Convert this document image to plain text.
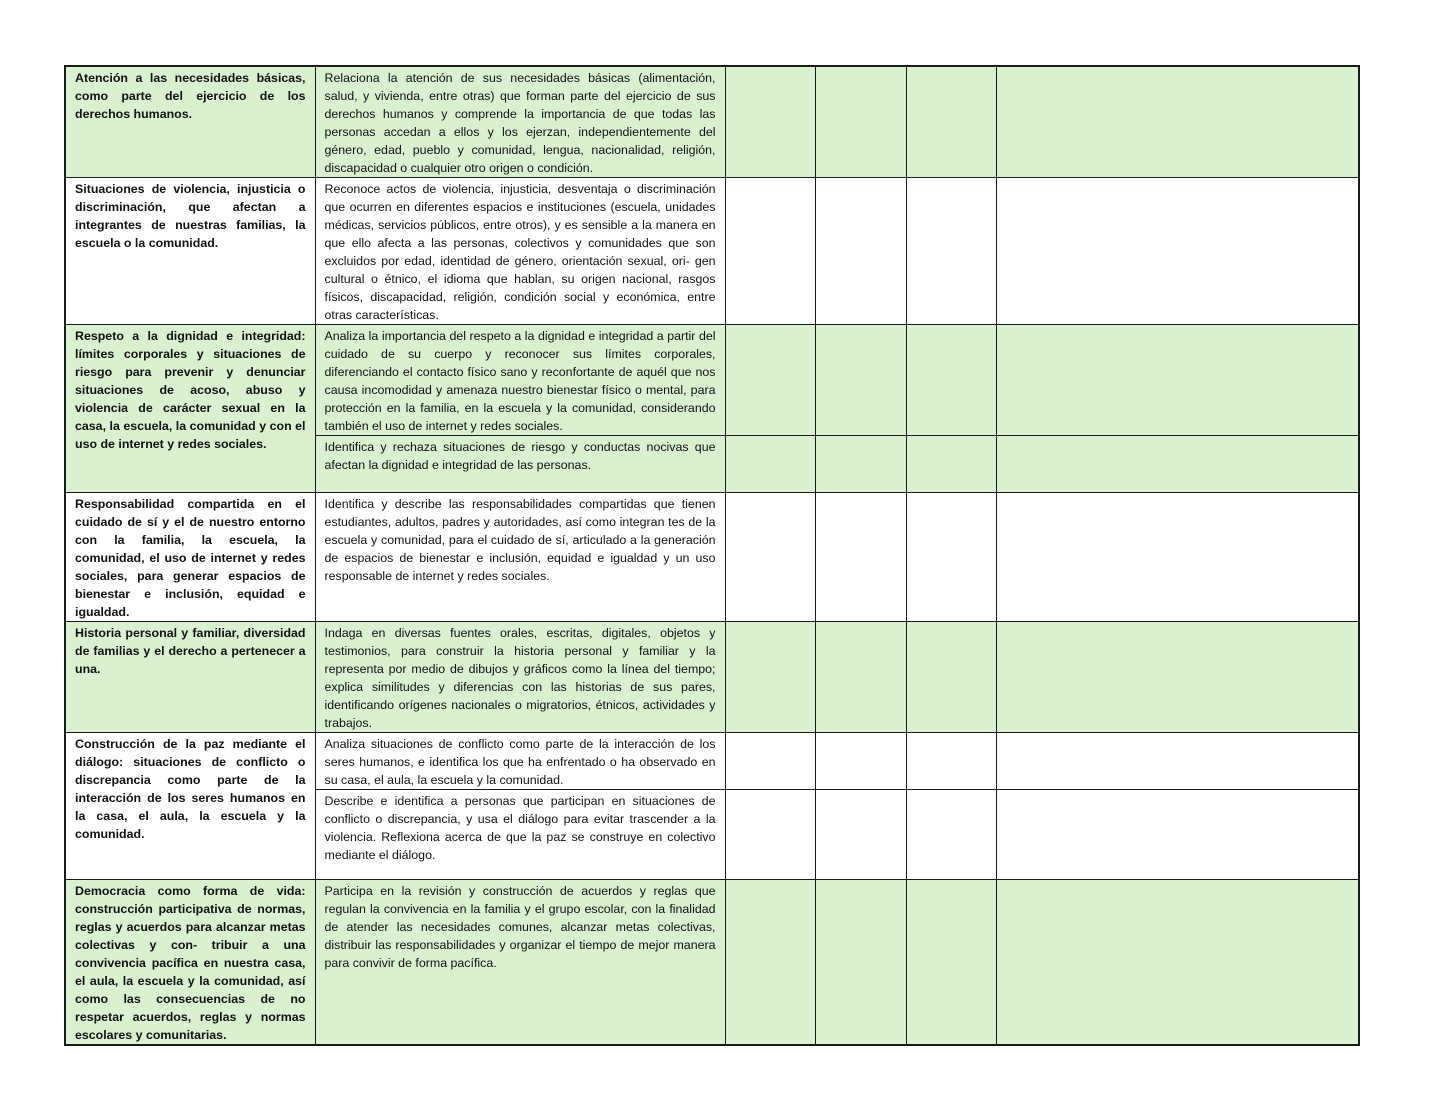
Atención a las necesidades básicas, como parte del ejercicio de los derechos humanos.	Relaciona la atención de sus necesidades básicas (alimentación, salud, y vivienda, entre otras) que forman parte del ejercicio de sus derechos humanos y comprende la importancia de que todas las personas accedan a ellos y los ejerzan, independientemente del género, edad, pueblo y comunidad, lengua, nacionalidad, religión, discapacidad o cualquier otro origen o condición.				
Situaciones de violencia, injusticia o discriminación, que afectan a integrantes de nuestras familias, la escuela o la comunidad.	Reconoce actos de violencia, injusticia, desventaja o discriminación que ocurren en diferentes espacios e instituciones (escuela, unidades médicas, servicios públicos, entre otros), y es sensible a la manera en que ello afecta a las personas, colectivos y comunidades que son excluidos por edad, identidad de género, orientación sexual, ori- gen cultural o étnico, el idioma que hablan, su origen nacional, rasgos físicos, discapacidad, religión, condición social y económica, entre otras características.				
Respeto a la dignidad e integridad: límites corporales y situaciones de riesgo para prevenir y denunciar situaciones de acoso, abuso y violencia de carácter sexual en la casa, la escuela, la comunidad y con el uso de internet y redes sociales.	Analiza la importancia del respeto a la dignidad e integridad a partir del cuidado de su cuerpo y reconocer sus límites corporales, diferenciando el contacto físico sano y reconfortante de aquél que nos causa incomodidad y amenaza nuestro bienestar físico o mental, para protección en la familia, en la escuela y la comunidad, considerando también el uso de internet y redes sociales.				
	Identifica y rechaza situaciones de riesgo y conductas nocivas que afectan la dignidad e integridad de las personas.				
Responsabilidad compartida en el cuidado de sí y el de nuestro entorno con la familia, la escuela, la comunidad, el uso de internet y redes sociales, para generar espacios de bienestar e inclusión, equidad e igualdad.	Identifica y describe las responsabilidades compartidas que tienen estudiantes, adultos, padres y autoridades, así como integran tes de la escuela y comunidad, para el cuidado de sí, articulado a la generación de espacios de bienestar e inclusión, equidad e igualdad y un uso responsable de internet y redes sociales.				
Historia personal y familiar, diversidad de familias y el derecho a pertenecer a una.	Indaga en diversas fuentes orales, escritas, digitales, objetos y testimonios, para construir la historia personal y familiar y la representa por medio de dibujos y gráficos como la línea del tiempo; explica similitudes y diferencias con las historias de sus pares, identificando orígenes nacionales o migratorios, étnicos, actividades y trabajos.				
Construcción de la paz mediante el diálogo: situaciones de conflicto o discrepancia como parte de la interacción de los seres humanos en la casa, el aula, la escuela y la comunidad.	Analiza situaciones de conflicto como parte de la interacción de los seres humanos, e identifica los que ha enfrentado o ha observado en su casa, el aula, la escuela y la comunidad.				
	Describe e identifica a personas que participan en situaciones de conflicto o discrepancia, y usa el diálogo para evitar trascender a la violencia. Reflexiona acerca de que la paz se construye en colectivo mediante el diálogo.				
Democracia como forma de vida: construcción participativa de normas, reglas y acuerdos para alcanzar metas colectivas y con- tribuir a una convivencia pacífica en nuestra casa, el aula, la escuela y la comunidad, así como las consecuencias de no respetar acuerdos, reglas y normas escolares y comunitarias.	Participa en la revisión y construcción de acuerdos y reglas que regulan la convivencia en la familia y el grupo escolar, con la finalidad de atender las necesidades comunes, alcanzar metas colectivas, distribuir las responsabilidades y organizar el tiempo de mejor manera para convivir de forma pacífica.				
